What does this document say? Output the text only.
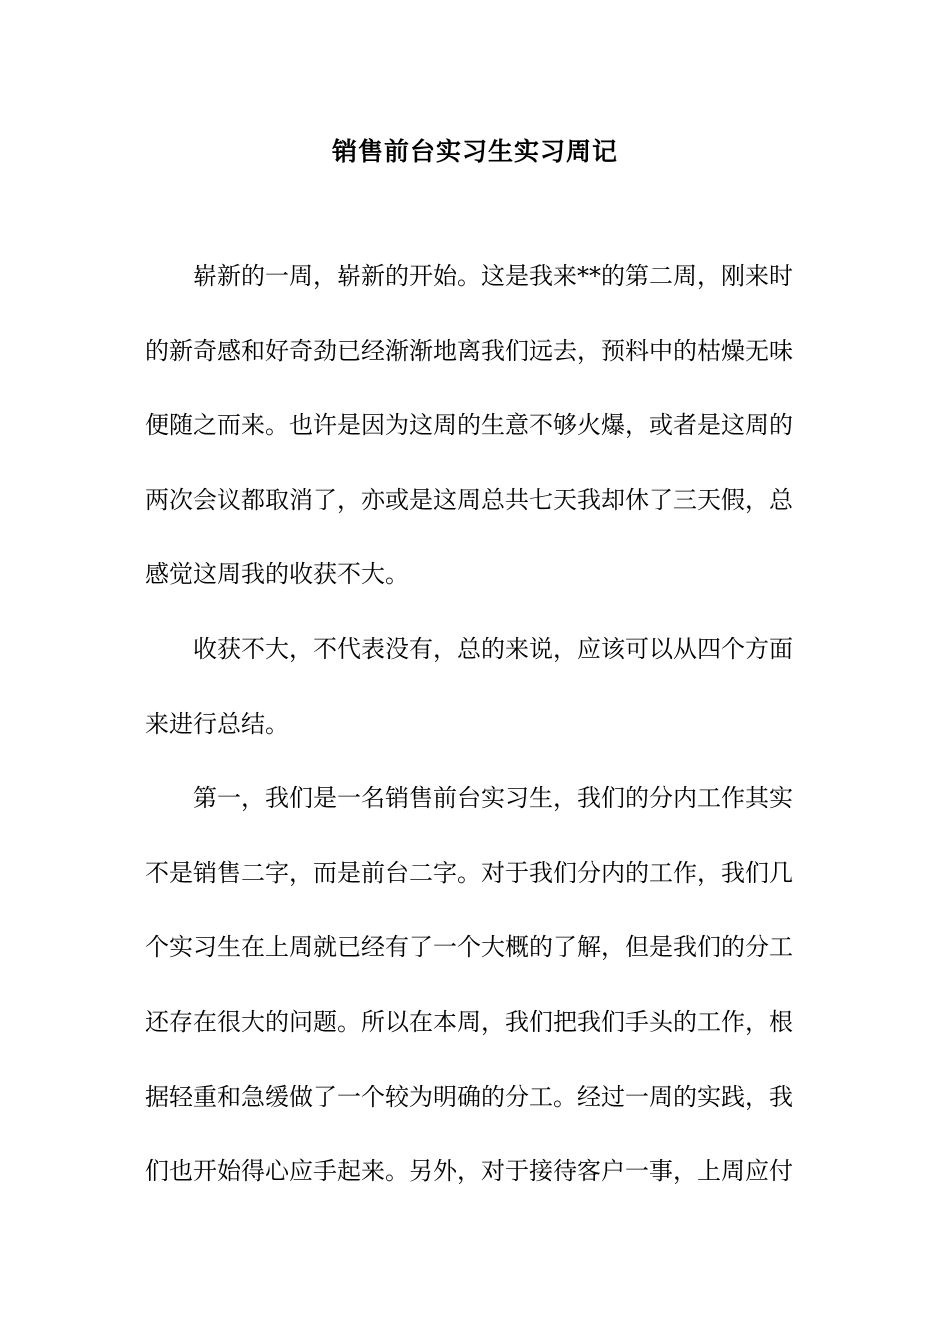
销售前台实习生实习周记
崭新的一周，崭新的开始。这是我来**的第二周，刚来时
的新奇感和好奇劲已经渐渐地离我们远去，预料中的枯燥无味
便随之而来。也许是因为这周的生意不够火爆，或者是这周的
两次会议都取消了，亦或是这周总共七天我却休了三天假，总
感觉这周我的收获不大。
收获不大，不代表没有，总的来说，应该可以从四个方面
来进行总结。
第一，我们是一名销售前台实习生，我们的分内工作其实
不是销售二字，而是前台二字。对于我们分内的工作，我们几
个实习生在上周就已经有了一个大概的了解，但是我们的分工
还存在很大的问题。所以在本周，我们把我们手头的工作，根
据轻重和急缓做了一个较为明确的分工。经过一周的实践，我
们也开始得心应手起来。另外，对于接待客户一事，上周应付
